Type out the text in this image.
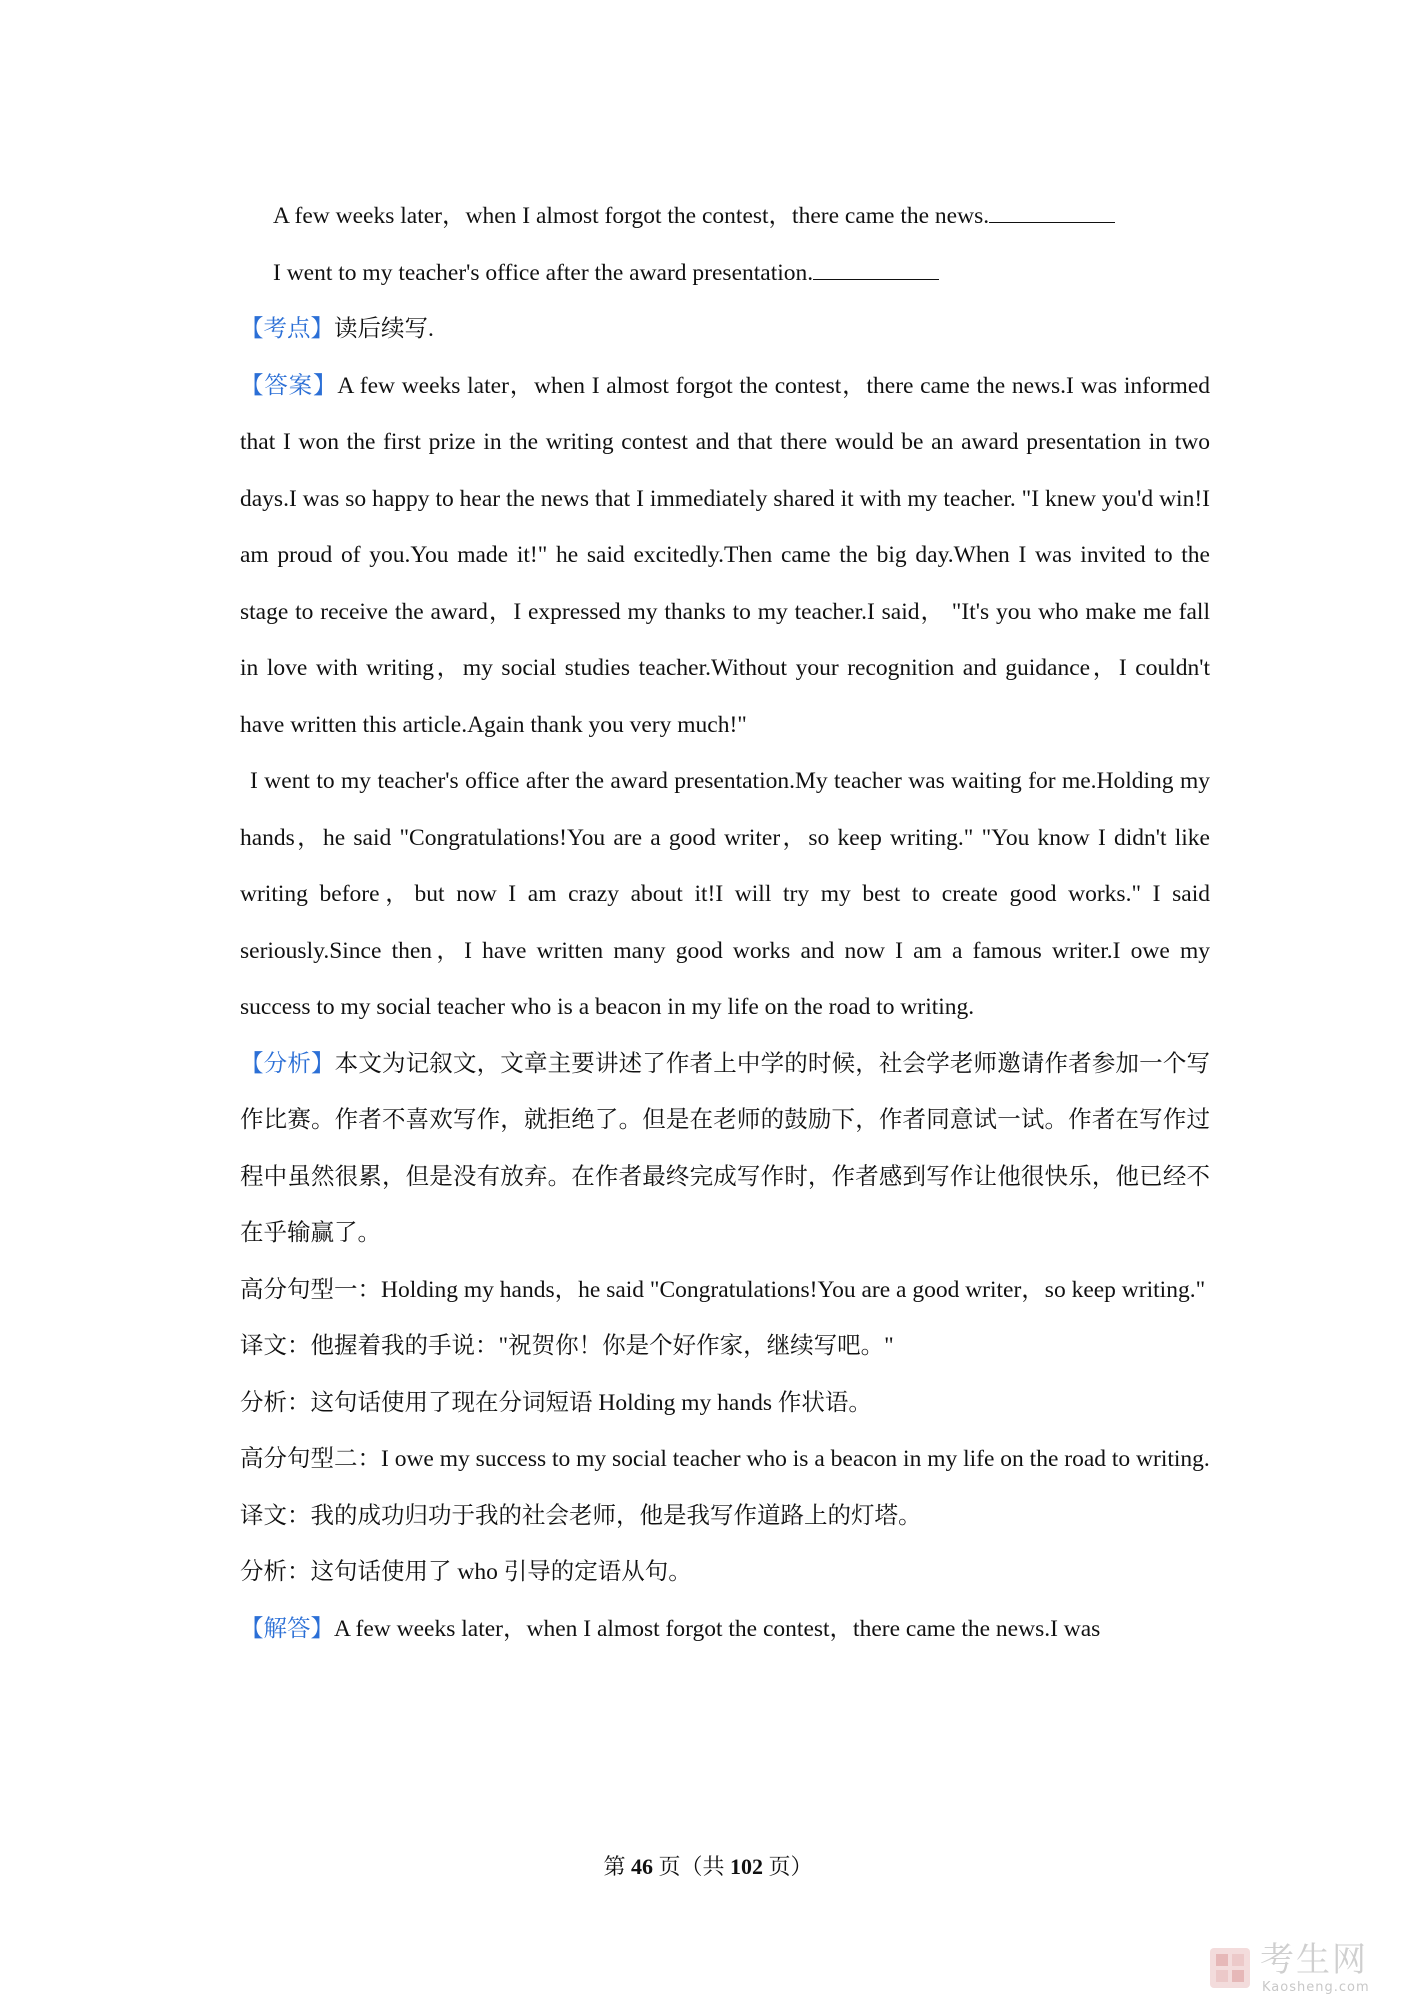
A few weeks later，when I almost forgot the contest，there came the news.

I went to my teacher's office after the award presentation.

【考点】读后续写.

【答案】A few weeks later，when I almost forgot the contest，there came the news.I was informed that I won the first prize in the writing contest and that there would be an award presentation in two days.I was so happy to hear the news that I immediately shared it with my teacher. "I knew you'd win!I am proud of you.You made it!" he said excitedly.Then came the big day.When I was invited to the stage to receive the award，I expressed my thanks to my teacher.I said， "It's you who make me fall in love with writing，my social studies teacher.Without your recognition and guidance，I couldn't have written this article.Again thank you very much!"

I went to my teacher's office after the award presentation.My teacher was waiting for me.Holding my hands，he said "Congratulations!You are a good writer，so keep writing." "You know I didn't like writing before，but now I am crazy about it!I will try my best to create good works." I said seriously.Since then，I have written many good works and now I am a famous writer.I owe my success to my social teacher who is a beacon in my life on the road to writing.

【分析】本文为记叙文，文章主要讲述了作者上中学的时候，社会学老师邀请作者参加一个写作比赛。作者不喜欢写作，就拒绝了。但是在老师的鼓励下，作者同意试一试。作者在写作过程中虽然很累，但是没有放弃。在作者最终完成写作时，作者感到写作让他很快乐，他已经不在乎输赢了。

高分句型一：Holding my hands，he said "Congratulations!You are a good writer，so keep writing."

译文：他握着我的手说："祝贺你！你是个好作家，继续写吧。"

分析：这句话使用了现在分词短语 Holding my hands 作状语。

高分句型二：I owe my success to my social teacher who is a beacon in my life on the road to writing.

译文：我的成功归功于我的社会老师，他是我写作道路上的灯塔。

分析：这句话使用了 who 引导的定语从句。

【解答】A few weeks later，when I almost forgot the contest，there came the news.I was

第 46 页（共 102 页）
考生网
Kaosheng.com
